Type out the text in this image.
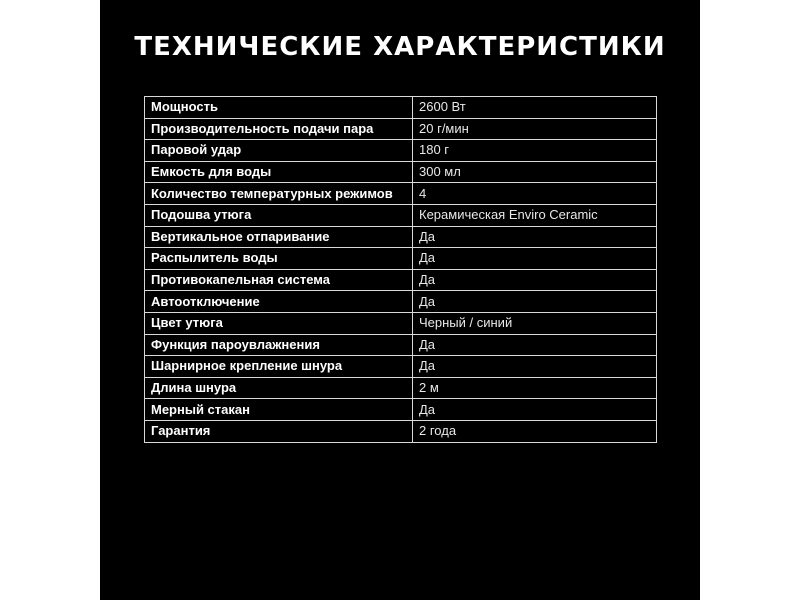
ТЕХНИЧЕСКИЕ ХАРАКТЕРИСТИКИ
Мощность	2600 Вт
Производительность подачи пара	20 г/мин
Паровой удар	180 г
Емкость для воды	300 мл
Количество температурных режимов	4
Подошва утюга	Керамическая Enviro Ceramic
Вертикальное отпаривание	Да
Распылитель воды	Да
Противокапельная система	Да
Автоотключение	Да
Цвет утюга	Черный / синий
Функция пароувлажнения	Да
Шарнирное крепление шнура	Да
Длина шнура	2 м
Мерный стакан	Да
Гарантия	2 года
